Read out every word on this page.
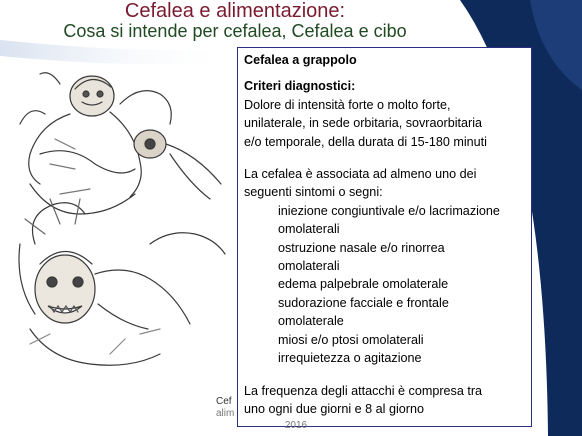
Cefalea e alimentazione:
Cosa si intende per cefalea, Cefalea e cibo

Cefalea a grappolo

Criteri diagnostici:

Dolore di intensità forte o molto forte,

unilaterale, in sede orbitaria, sovraorbitaria

e/o temporale, della durata di 15-180 minuti

La cefalea è associata ad almeno uno dei

seguenti sintomi o segni:

iniezione congiuntivale e/o lacrimazione

omolaterali

ostruzione nasale e/o rinorrea

omolaterali

edema palpebrale omolaterale

sudorazione facciale e frontale

omolaterale

miosi e/o ptosi omolaterali

irrequietezza o agitazione

La frequenza degli attacchi è compresa tra

uno ogni due giorni e 8 al giorno

Cef
alim
2016
